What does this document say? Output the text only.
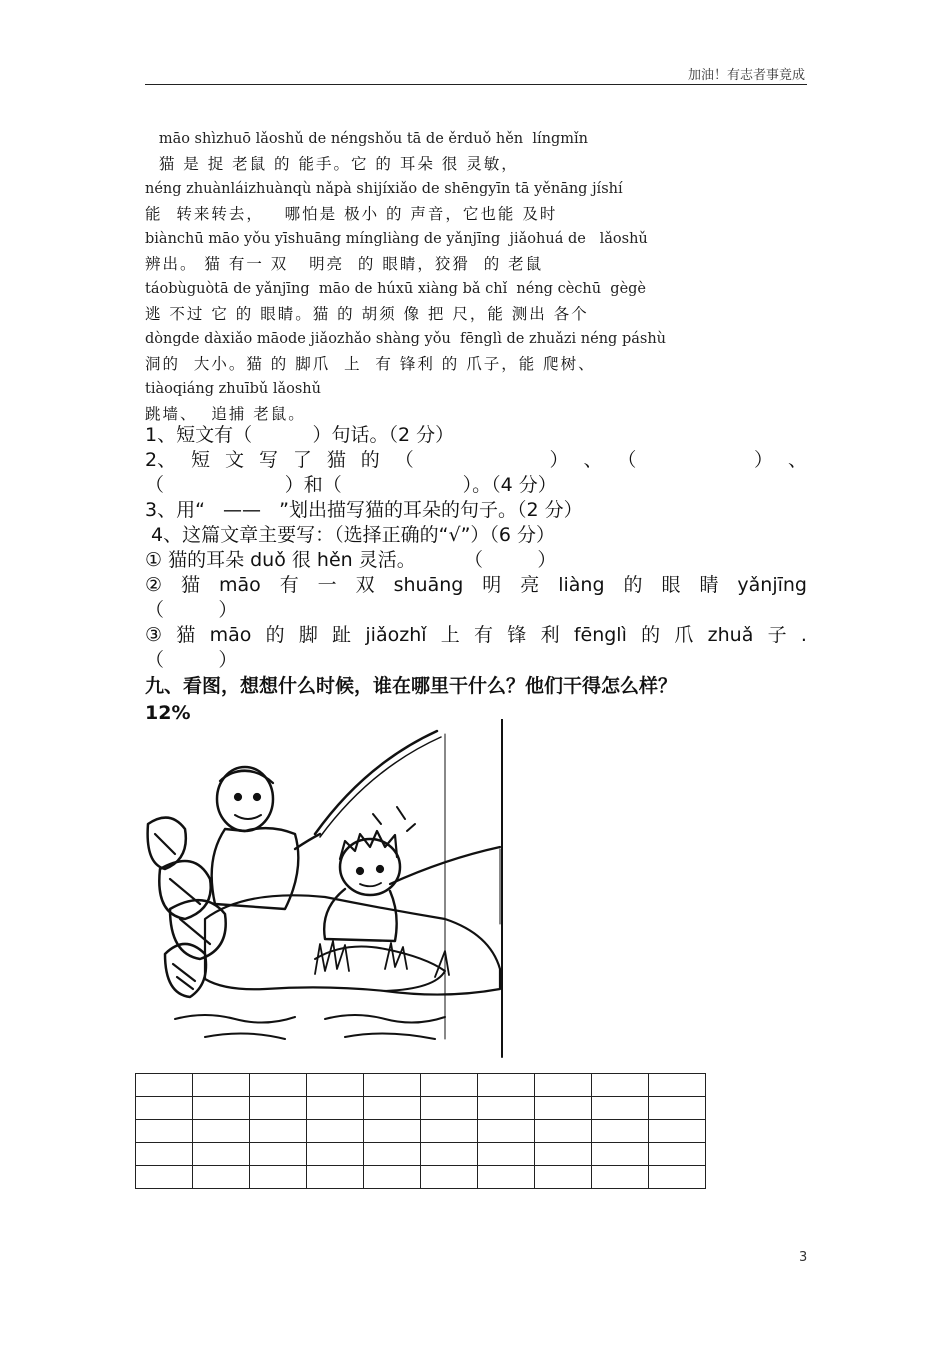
加油！有志者事竟成
māo shìzhuō lǎoshǔ de néngshǒu tā de ěrduǒ hěn  língmǐn
猫 是 捉 老鼠 的 能手。它 的 耳朵 很 灵敏，
néng zhuànláizhuànqù nǎpà shijíxiǎo de shēngyīn tā yěnāng jíshí
能  转来转去，   哪怕是 极小 的 声音，它也能 及时
biànchū māo yǒu yīshuāng míngliàng de yǎnjīng  jiǎohuá de   lǎoshǔ
辨出。 猫 有一 双   明亮  的 眼睛，狡猾  的 老鼠
táobùguòtā de yǎnjīng  māo de húxū xiàng bǎ chǐ  néng cèchū  gègè
逃 不过 它 的 眼睛。猫 的 胡须 像 把 尺，能 测出 各个
dòngde dàxiǎo māode jiǎozhǎo shàng yǒu  fēnglì de zhuǎzi néng páshù
洞的  大小。猫 的 脚爪  上  有 锋利 的 爪子，能 爬树、
tiàoqiáng zhuībǔ lǎoshǔ
跳墙、  追捕 老鼠。
1、短文有（          ）句话。（2 分）
2、 短 文 写 了 猫 的 （ ） 、 （ ） 、
（                    ）和（                    ）。（4 分）
3、用“   ——   ”划出描写猫的耳朵的句子。（2 分）
4、这篇文章主要写：（选择正确的“√”）（6 分）
① 猫的耳朵 duǒ 很 hěn 灵活。        （         ）
② 猫 māo 有 一 双 shuāng 明 亮 liàng 的 眼 睛 yǎnjīng
（         ）
③ 猫 māo 的 脚 趾 jiǎozhǐ 上 有 锋 利 fēnglì 的 爪 zhuǎ 子 .
（         ）
九、看图，想想什么时候，谁在哪里干什么？他们干得怎么样？
12%

3
